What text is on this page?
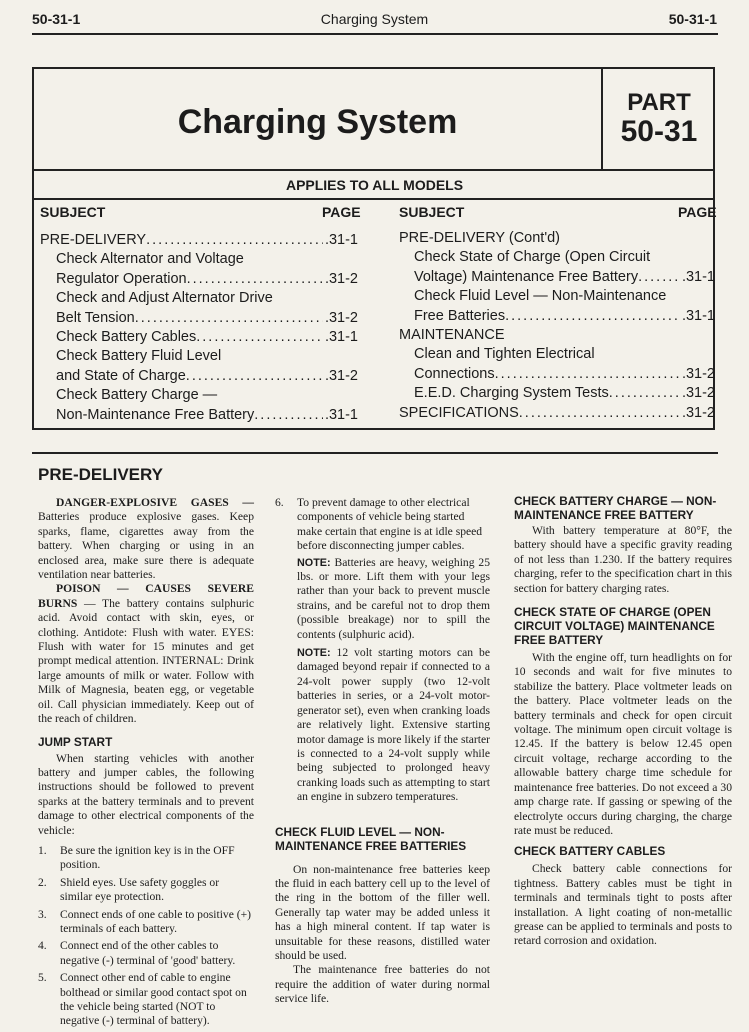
50-31-1	Charging System	50-31-1
Charging System
PART
50-31
APPLIES TO ALL MODELS
SUBJECT	PAGE	SUBJECT	PAGE
PRE-DELIVERY .....	.31-1
Check Alternator and Voltage
Regulator Operation .....	.31-2
Check and Adjust Alternator Drive
Belt Tension .....	.31-2
Check Battery Cables .....	.31-1
Check Battery Fluid Level
and State of Charge .....	.31-2
Check Battery Charge —
Non-Maintenance Free Battery .....	.31-1
PRE-DELIVERY (Cont'd)
Check State of Charge (Open Circuit
Voltage) Maintenance Free Battery .....	.31-1
Check Fluid Level — Non-Maintenance
Free Batteries .....	.31-1
MAINTENANCE
Clean and Tighten Electrical
Connections .....	.31-2
E.E.D. Charging System Tests .....	.31-2
SPECIFICATIONS .....	.31-2
PRE-DELIVERY

DANGER-EXPLOSIVE GASES — Batteries produce explosive gases. Keep sparks, flame, cigarettes away from the battery. When charging or using in an enclosed area, make sure there is adequate ventilation near batteries.

POISON — CAUSES SEVERE BURNS — The battery contains sulphuric acid. Avoid contact with skin, eyes, or clothing. Antidote: Flush with water. EYES: Flush with water for 15 minutes and get prompt medical attention. INTERNAL: Drink large amounts of milk or water. Follow with Milk of Magnesia, beaten egg, or vegetable oil. Call physician immediately. Keep out of the reach of children.

JUMP START

When starting vehicles with another battery and jumper cables, the following instructions should be followed to prevent sparks at the battery terminals and to prevent damage to other electrical components of the vehicle:

1.	Be sure the ignition key is in the OFF position.
2.	Shield eyes. Use safety goggles or similar eye protection.
3.	Connect ends of one cable to positive (+) terminals of each battery.
4.	Connect end of the other cables to negative (-) terminal of 'good' battery.
5.	Connect other end of cable to engine bolthead or similar good contact spot on the vehicle being started (NOT to negative (-) terminal of battery).
6.	To prevent damage to other electrical components of vehicle being started make certain that engine is at idle speed before disconnecting jumper cables.

NOTE: Batteries are heavy, weighing 25 lbs. or more. Lift them with your legs rather than your back to prevent muscle strains, and be careful not to drop them (possible breakage) nor to spill the contents (sulphuric acid).

NOTE: 12 volt starting motors can be damaged beyond repair if connected to a 24-volt power supply (two 12-volt batteries in series, or a 24-volt motor-generator set), even when cranking loads are relatively light. Extensive starting motor damage is more likely if the starter is connected to a 24-volt supply while being subjected to prolonged heavy cranking loads such as attempting to start an engine in subzero temperatures.

CHECK FLUID LEVEL — NON-MAINTENANCE FREE BATTERIES

On non-maintenance free batteries keep the fluid in each battery cell up to the level of the ring in the bottom of the filler well. Generally tap water may be added unless it has a high mineral content. If tap water is unsuitable for these reasons, distilled water should be used.

The maintenance free batteries do not require the addition of water during normal service life.

CHECK BATTERY CHARGE — NON-MAINTENANCE FREE BATTERY

With battery temperature at 80°F, the battery should have a specific gravity reading of not less than 1.230. If the battery requires charging, refer to the specification chart in this section for battery charging rates.

CHECK STATE OF CHARGE (OPEN CIRCUIT VOLTAGE) MAINTENANCE FREE BATTERY

With the engine off, turn headlights on for 10 seconds and wait for five minutes to stabilize the battery. Place voltmeter leads on the battery. Place voltmeter leads on the battery terminals and check for open circuit voltage. The minimum open circuit voltage is 12.45. If the battery is below 12.45 open circuit voltage, recharge according to the allowable battery charge time schedule for maintenance free batteries. Do not exceed a 30 amp charge rate. If gassing or spewing of the electrolyte occurs during charging, the charge rate must be reduced.

CHECK BATTERY CABLES

Check battery cable connections for tightness. Battery cables must be tight in terminals and terminals tight to posts after installation. A light coating of non-metallic grease can be applied to terminals and posts to retard corrosion and oxidation.
